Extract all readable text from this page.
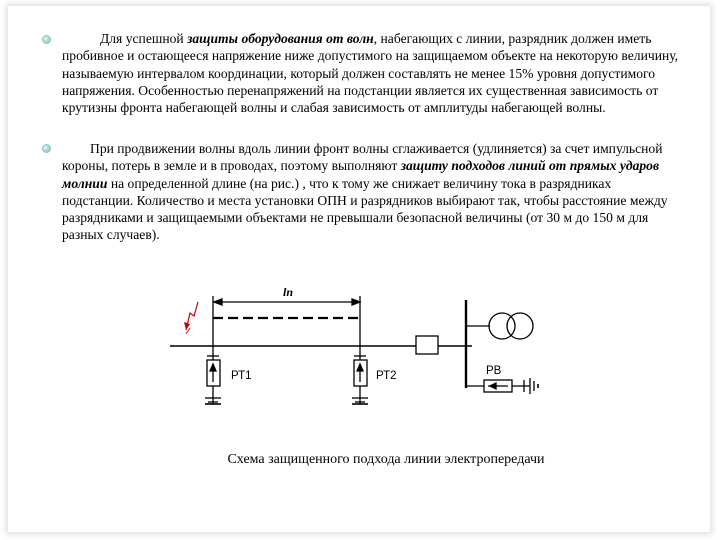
Для успешной защиты оборудования от волн, набегающих с линии, разрядник должен иметь пробивное и остающееся напряжение ниже допустимого на защищаемом объекте на некоторую величину, называемую интервалом координации, который должен составлять не менее 15% уровня допустимого напряжения. Особенностью перенапряжений на подстанции является их существенная зависимость от крутизны фронта набегающей волны и слабая зависимость от амплитуды набегающей волны.

При продвижении волны вдоль линии фронт волны сглаживается (удлиняется) за счет импульсной короны, потерь в земле и в проводах, поэтому выполняют защиту подходов линий от прямых ударов молнии на определенной длине (на рис.) , что к тому же снижает величину тока в разрядниках подстанции. Количество и места установки ОПН и разрядников выбирают так, чтобы расстояние между разрядниками и защищаемыми объектами не превышали безопасной величины (от 30 м до 150 м для разных случаев).

lп
РТ1	РТ2	РВ
Схема защищенного подхода линии электропередачи
